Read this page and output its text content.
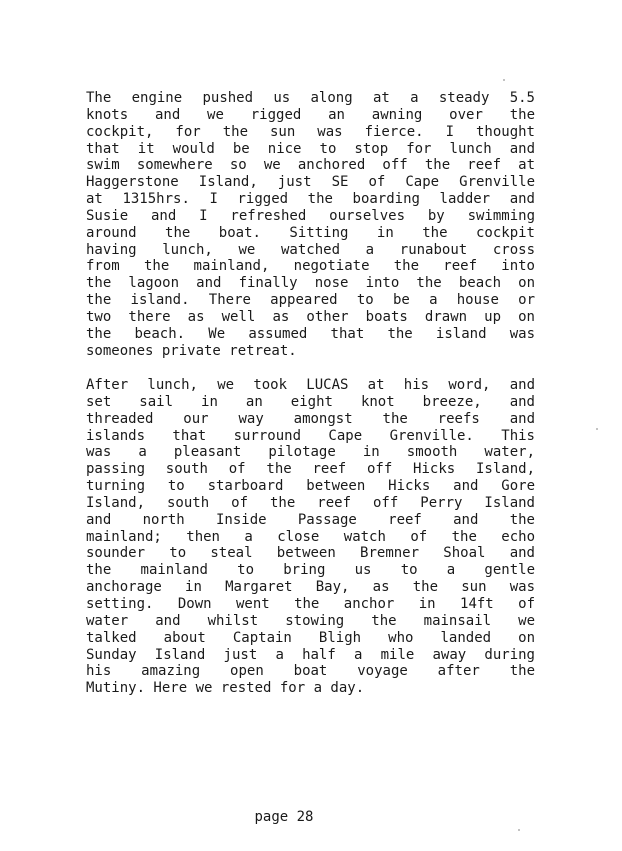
The engine pushed us along at a steady 5.5
knots and we rigged an awning over the
cockpit, for the sun was fierce. I thought
that it would be nice to stop for lunch and
swim somewhere so we anchored off the reef at
Haggerstone Island, just SE of Cape Grenville
at 1315hrs. I rigged the boarding ladder and
Susie and I refreshed ourselves by swimming
around the boat. Sitting in the cockpit
having lunch, we watched a runabout cross
from the mainland, negotiate the reef into
the lagoon and finally nose into the beach on
the island. There appeared to be a house or
two there as well as other boats drawn up on
the beach. We assumed that the island was
someones private retreat.
After lunch, we took LUCAS at his word, and
set sail in an eight knot breeze, and
threaded our way amongst the reefs and
islands that surround Cape Grenville. This
was a pleasant pilotage in smooth water,
passing south of the reef off Hicks Island,
turning to starboard between Hicks and Gore
Island, south of the reef off Perry Island
and north Inside Passage reef and the
mainland; then a close watch of the echo
sounder to steal between Bremner Shoal and
the mainland to bring us to a gentle
anchorage in Margaret Bay, as the sun was
setting. Down went the anchor in 14ft of
water and whilst stowing the mainsail we
talked about Captain Bligh who landed on
Sunday Island just a half a mile away during
his amazing open boat voyage after the
Mutiny. Here we rested for a day.
page 28
